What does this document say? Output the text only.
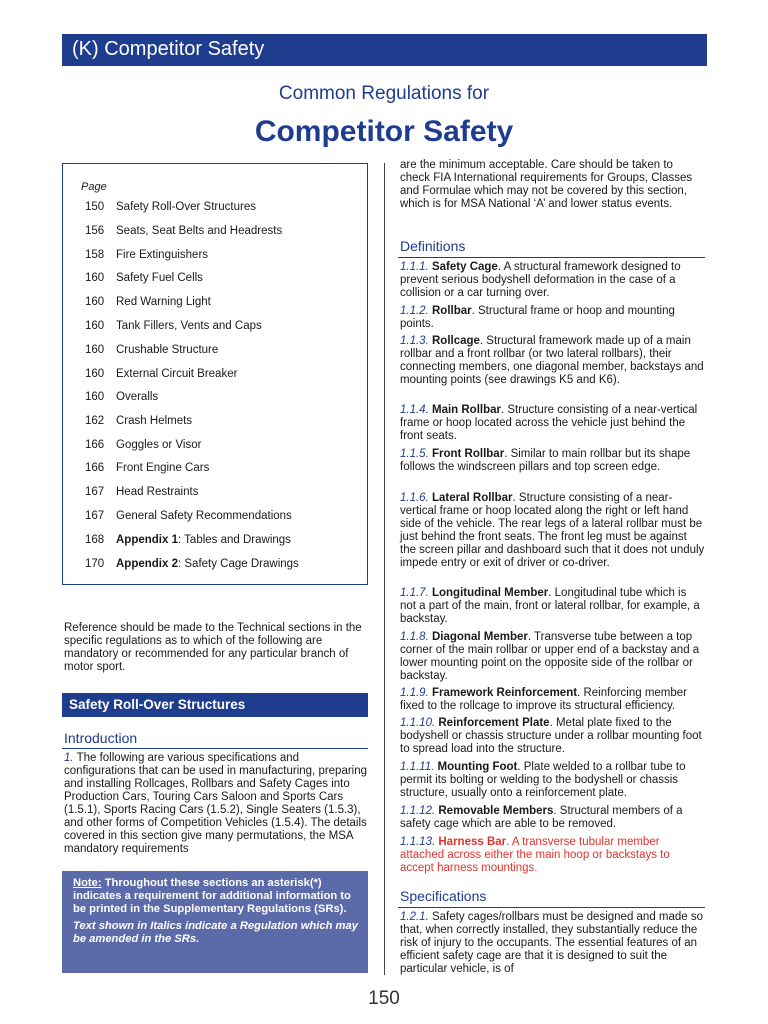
(K) Competitor Safety
Common Regulations for
Competitor Safety
Page
150	Safety Roll-Over Structures
156	Seats, Seat Belts and Headrests
158	Fire Extinguishers
160	Safety Fuel Cells
160	Red Warning Light
160	Tank Fillers, Vents and Caps
160	Crushable Structure
160	External Circuit Breaker
160	Overalls
162	Crash Helmets
166	Goggles or Visor
166	Front Engine Cars
167	Head Restraints
167	General Safety Recommendations
168	Appendix 1: Tables and Drawings
170	Appendix 2: Safety Cage Drawings
Reference should be made to the Technical sections in the specific regulations as to which of the following are mandatory or recommended for any particular branch of motor sport.
Safety Roll-Over Structures
Introduction
1. The following are various specifications and configurations that can be used in manufacturing, preparing and installing Rollcages, Rollbars and Safety Cages into Production Cars, Touring Cars Saloon and Sports Cars (1.5.1), Sports Racing Cars (1.5.2), Single Seaters (1.5.3), and other forms of Competition Vehicles (1.5.4). The details covered in this section give many permutations, the MSA mandatory requirements

Note: Throughout these sections an asterisk(*) indicates a requirement for additional information to be printed in the Supplementary Regulations (SRs).

Text shown in Italics indicate a Regulation which may be amended in the SRs.

are the minimum acceptable. Care should be taken to check FIA International requirements for Groups, Classes and Formulae which may not be covered by this section, which is for MSA National ‘A’ and lower status events.
Definitions
1.1.1. Safety Cage. A structural framework designed to prevent serious bodyshell deformation in the case of a collision or a car turning over.
1.1.2. Rollbar. Structural frame or hoop and mounting points.
1.1.3. Rollcage. Structural framework made up of a main rollbar and a front rollbar (or two lateral rollbars), their connecting members, one diagonal member, backstays and mounting points (see drawings K5 and K6).
1.1.4. Main Rollbar. Structure consisting of a near-vertical frame or hoop located across the vehicle just behind the front seats.
1.1.5. Front Rollbar. Similar to main rollbar but its shape follows the windscreen pillars and top screen edge.
1.1.6. Lateral Rollbar. Structure consisting of a near-vertical frame or hoop located along the right or left hand side of the vehicle. The rear legs of a lateral rollbar must be just behind the front seats. The front leg must be against the screen pillar and dashboard such that it does not unduly impede entry or exit of driver or co-driver.
1.1.7. Longitudinal Member. Longitudinal tube which is not a part of the main, front or lateral rollbar, for example, a backstay.
1.1.8. Diagonal Member. Transverse tube between a top corner of the main rollbar or upper end of a backstay and a lower mounting point on the opposite side of the rollbar or backstay.
1.1.9. Framework Reinforcement. Reinforcing member fixed to the rollcage to improve its structural efficiency.
1.1.10. Reinforcement Plate. Metal plate fixed to the bodyshell or chassis structure under a rollbar mounting foot to spread load into the structure.
1.1.11. Mounting Foot. Plate welded to a rollbar tube to permit its bolting or welding to the bodyshell or chassis structure, usually onto a reinforcement plate.
1.1.12. Removable Members. Structural members of a safety cage which are able to be removed.
1.1.13. Harness Bar. A transverse tubular member attached across either the main hoop or backstays to accept harness mountings.
Specifications
1.2.1. Safety cages/rollbars must be designed and made so that, when correctly installed, they substantially reduce the risk of injury to the occupants. The essential features of an efficient safety cage are that it is designed to suit the particular vehicle, is of
150
